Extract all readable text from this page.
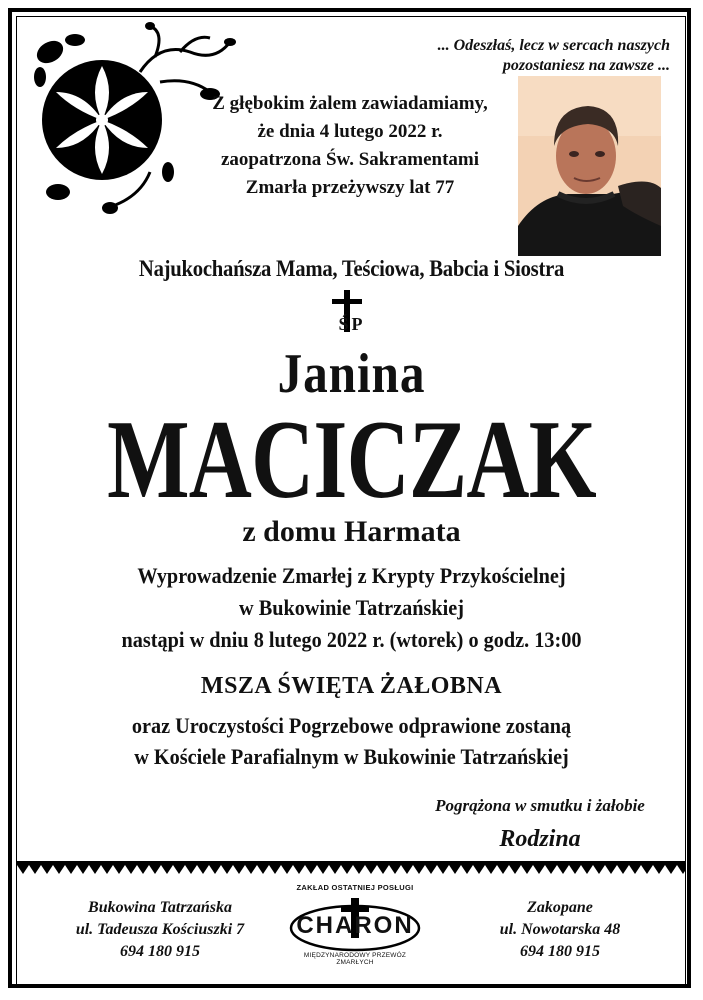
... Odeszłaś, lecz w sercach naszych
pozostaniesz na zawsze ...
Z głębokim żalem zawiadamiamy,
że dnia 4 lutego 2022 r.
zaopatrzona Św. Sakramentami
Zmarła przeżywszy lat 77
Najukochańsza Mama, Teściowa, Babcia i Siostra
ŚP
Janina
MACICZAK
z domu Harmata
Wyprowadzenie Zmarłej z Krypty Przykościelnej
w Bukowinie Tatrzańskiej
nastąpi w dniu 8 lutego 2022 r. (wtorek) o godz. 13:00
MSZA ŚWIĘTA ŻAŁOBNA
oraz Uroczystości Pogrzebowe odprawione zostaną
w Kościele Parafialnym w Bukowinie Tatrzańskiej
Pogrążona w smutku i żałobie
Rodzina
Bukowina Tatrzańska
ul. Tadeusza Kościuszki 7
694 180 915
ZAKŁAD OSTATNIEJ POSŁUGI
CHARON
MIĘDZYNARODOWY PRZEWÓZ ZMARŁYCH
Zakopane
ul. Nowotarska 48
694 180 915
